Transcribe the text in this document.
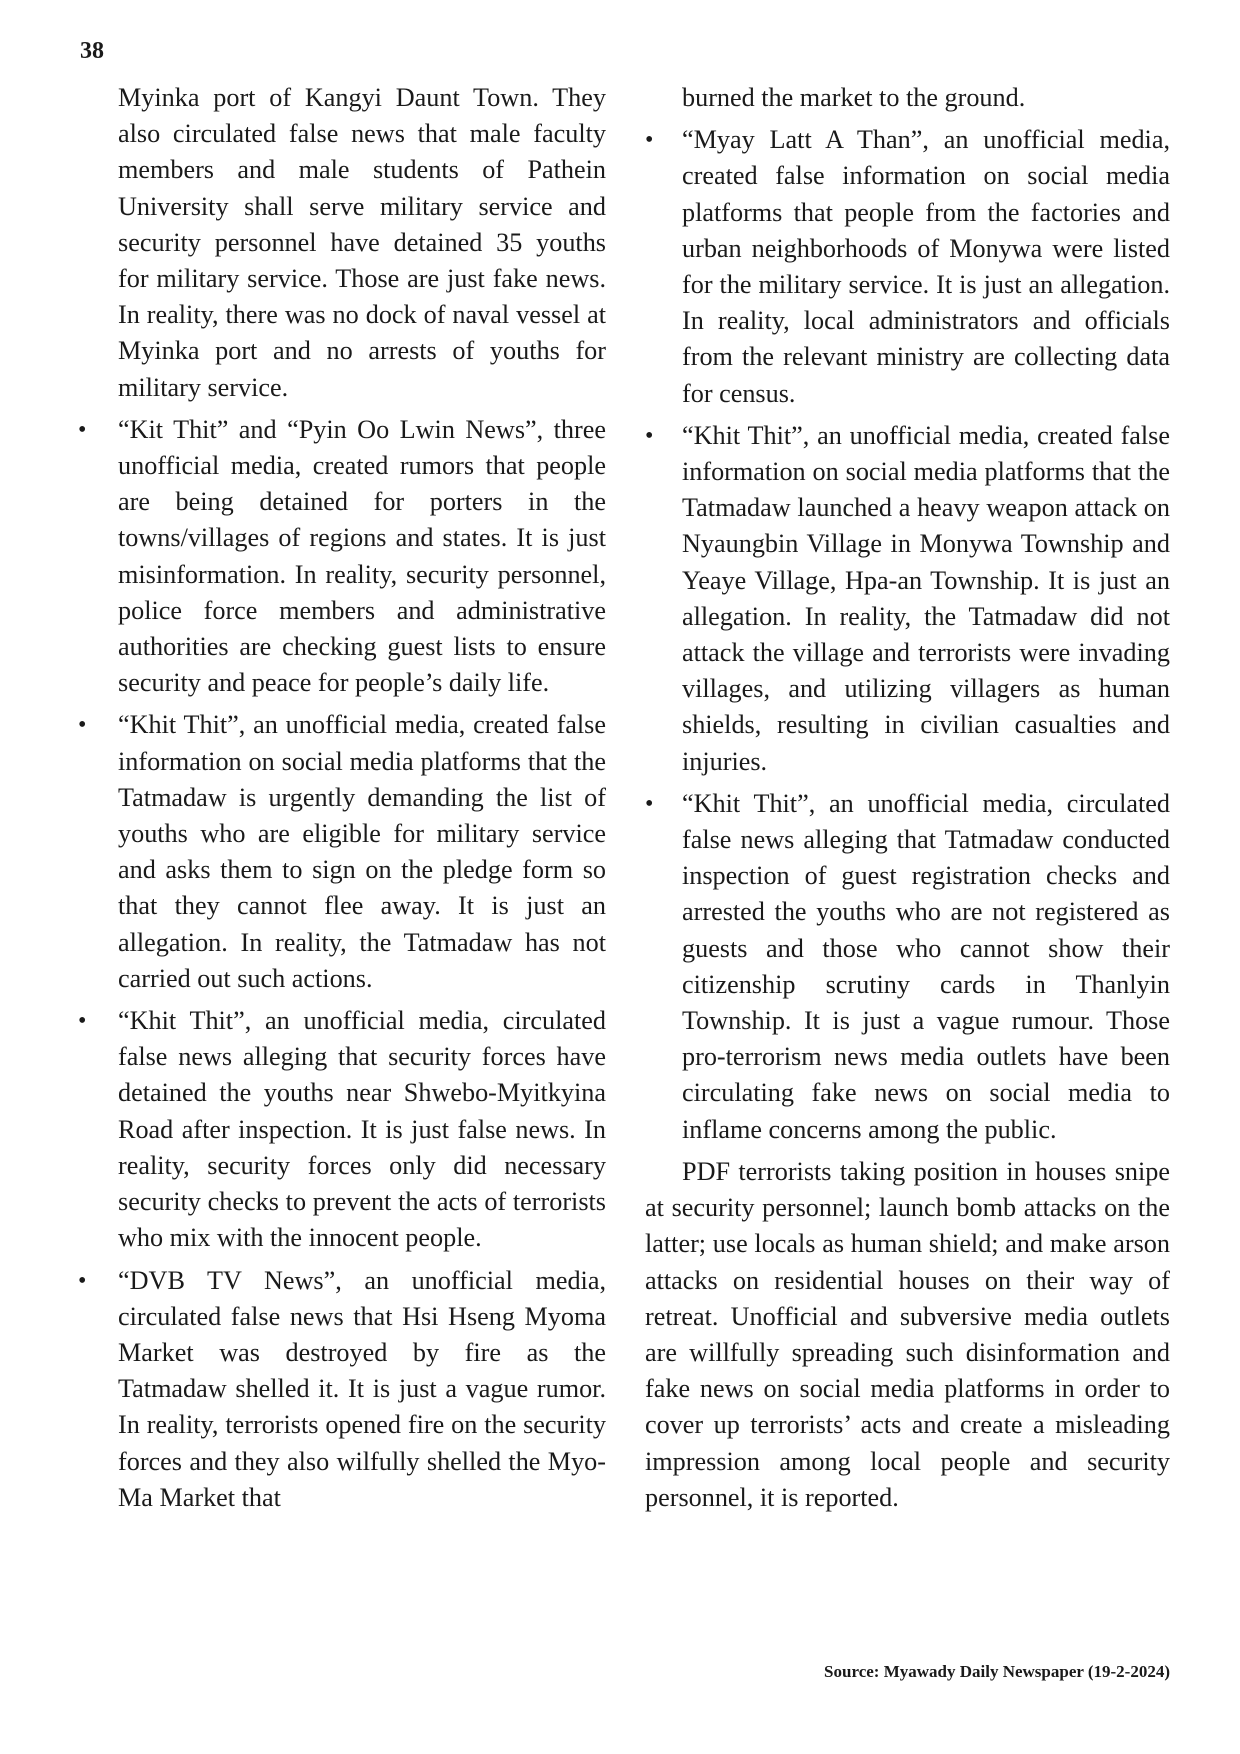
38

Myinka port of Kangyi Daunt Town. They also circulated false news that male faculty members and male students of Pathein University shall serve military service and security personnel have detained 35 youths for military service. Those are just fake news. In reality, there was no dock of naval vessel at Myinka port and no arrests of youths for military service.

• “Kit Thit” and “Pyin Oo Lwin News”, three unofficial media, created rumors that people are being detained for porters in the towns/villages of regions and states. It is just misinformation. In reality, security personnel, police force members and administrative authorities are checking guest lists to ensure security and peace for people’s daily life.
• “Khit Thit”, an unofficial media, created false information on social media platforms that the Tatmadaw is urgently demanding the list of youths who are eligible for military service and asks them to sign on the pledge form so that they cannot flee away. It is just an allegation. In reality, the Tatmadaw has not carried out such actions.
• “Khit Thit”, an unofficial media, circulated false news alleging that security forces have detained the youths near Shwebo-Myitkyina Road after inspection. It is just false news. In reality, security forces only did necessary security checks to prevent the acts of terrorists who mix with the innocent people.
• “DVB TV News”, an unofficial media, circulated false news that Hsi Hseng Myoma Market was destroyed by fire as the Tatmadaw shelled it. It is just a vague rumor. In reality, terrorists opened fire on the security forces and they also wilfully shelled the Myo-Ma Market that

burned the market to the ground.

• “Myay Latt A Than”, an unofficial media, created false information on social media platforms that people from the factories and urban neighborhoods of Monywa were listed for the military service. It is just an allegation. In reality, local administrators and officials from the relevant ministry are collecting data for census.
• “Khit Thit”, an unofficial media, created false information on social media platforms that the Tatmadaw launched a heavy weapon attack on Nyaungbin Village in Monywa Township and Yeaye Village, Hpa-an Township. It is just an allegation. In reality, the Tatmadaw did not attack the village and terrorists were invading villages, and utilizing villagers as human shields, resulting in civilian casualties and injuries.
• “Khit Thit”, an unofficial media, circulated false news alleging that Tatmadaw conducted inspection of guest registration checks and arrested the youths who are not registered as guests and those who cannot show their citizenship scrutiny cards in Thanlyin Township. It is just a vague rumour. Those pro-terrorism news media outlets have been circulating fake news on social media to inflame concerns among the public.

PDF terrorists taking position in houses snipe at security personnel; launch bomb attacks on the latter; use locals as human shield; and make arson attacks on residential houses on their way of retreat. Unofficial and subversive media outlets are willfully spreading such disinformation and fake news on social media platforms in order to cover up terrorists’ acts and create a misleading impression among local people and security personnel, it is reported.

Source: Myawady Daily Newspaper (19-2-2024)
